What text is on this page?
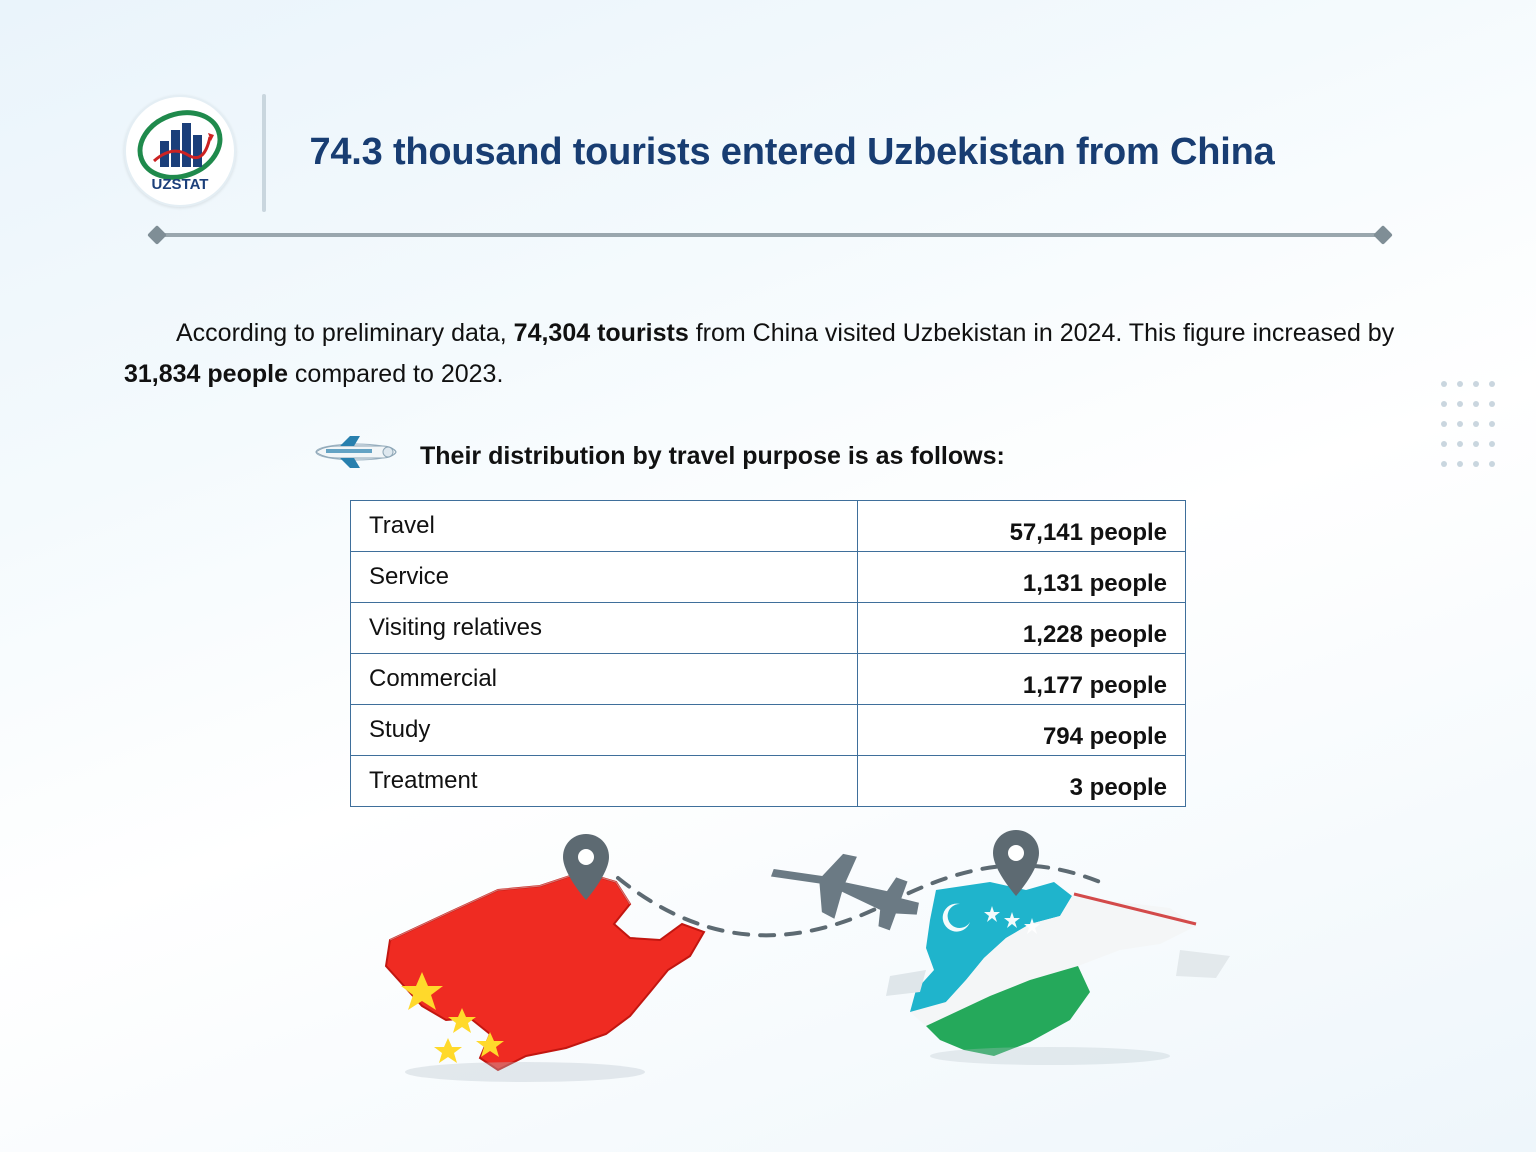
UZSTAT
74.3 thousand tourists entered Uzbekistan from China

According to preliminary data, 74,304 tourists from China visited Uzbekistan in 2024. This figure increased by 31,834 people compared to 2023.

Their distribution by travel purpose is as follows:
Travel	57,141 people
Service	1,131 people
Visiting relatives	1,228 people
Commercial	1,177 people
Study	794 people
Treatment	3 people
